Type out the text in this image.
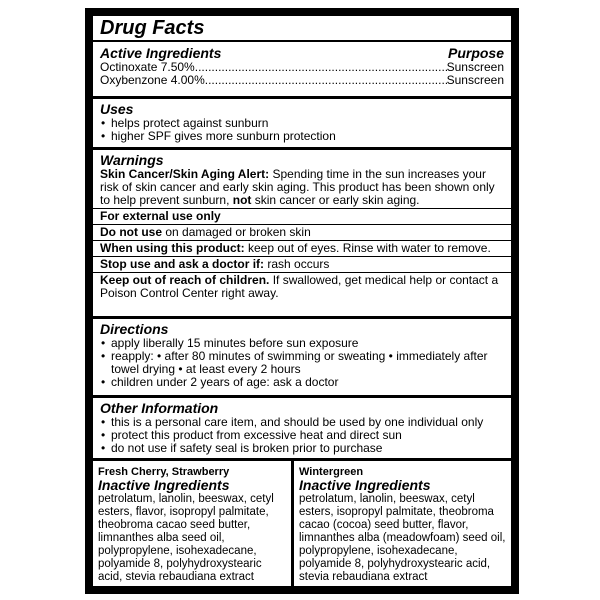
Drug Facts
Active Ingredients	Purpose
Octinoxate 7.50% .....	Sunscreen
Oxybenzone 4.00% .....	Sunscreen
Uses
• helps protect against sunburn
• higher SPF gives more sunburn protection
Warnings
Skin Cancer/Skin Aging Alert: Spending time in the sun increases your risk of skin cancer and early skin aging. This product has been shown only to help prevent sunburn, not skin cancer or early skin aging.
For external use only
Do not use on damaged or broken skin
When using this product: keep out of eyes. Rinse with water to remove.
Stop use and ask a doctor if: rash occurs
Keep out of reach of children. If swallowed, get medical help or contact a Poison Control Center right away.
Directions
• apply liberally 15 minutes before sun exposure
• reapply: • after 80 minutes of swimming or sweating • immediately after towel drying • at least every 2 hours
• children under 2 years of age: ask a doctor
Other Information
• this is a personal care item, and should be used by one individual only
• protect this product from excessive heat and direct sun
• do not use if safety seal is broken prior to purchase
Fresh Cherry, Strawberry
Inactive Ingredients
petrolatum, lanolin, beeswax, cetyl esters, flavor, isopropyl palmitate, theobroma cacao seed butter, limnanthes alba seed oil, polypropylene, isohexadecane, polyamide 8, polyhydroxystearic acid, stevia rebaudiana extract
Wintergreen
Inactive Ingredients
petrolatum, lanolin, beeswax, cetyl esters, isopropyl palmitate, theobroma cacao (cocoa) seed butter, flavor, limnanthes alba (meadowfoam) seed oil, polypropylene, isohexadecane, polyamide 8, polyhydroxystearic acid, stevia rebaudiana extract
